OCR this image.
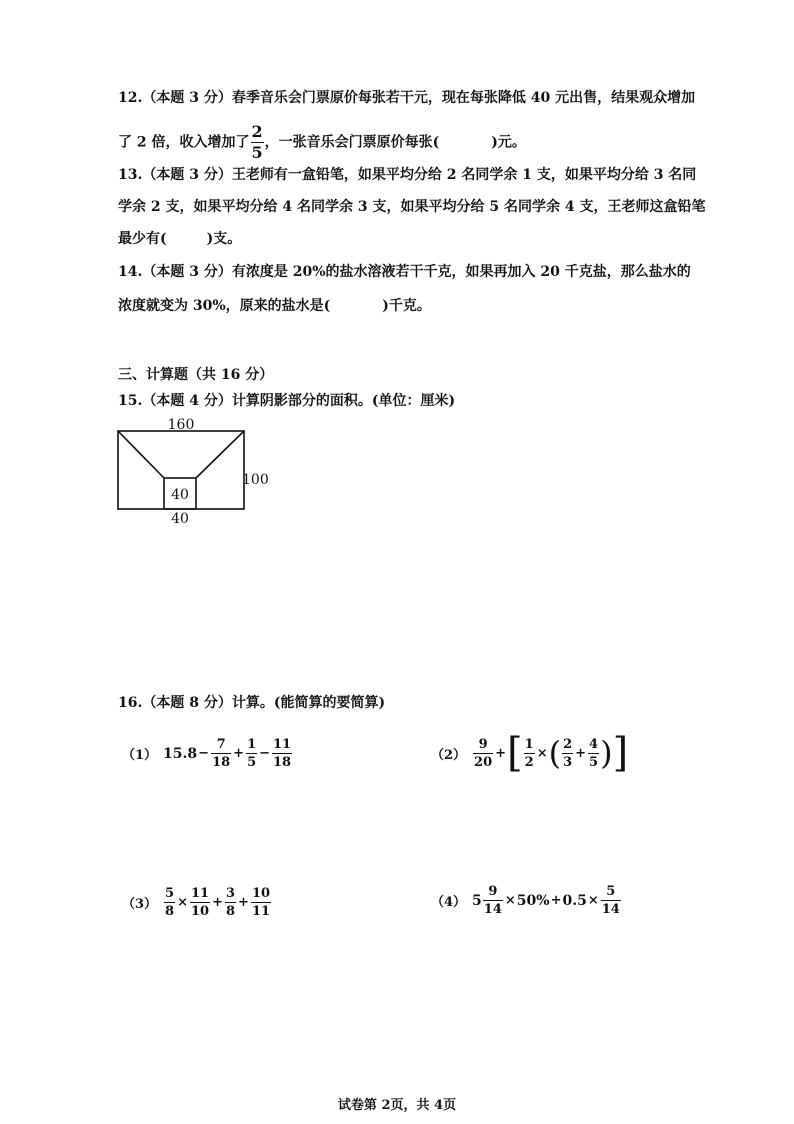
12.（本题 3 分）春季音乐会门票原价每张若干元，现在每张降低 40 元出售，结果观众增加
了 2 倍，收入增加了 $\frac{2}{5}$ ，一张音乐会门票原价每张(	)元。
13.（本题 3 分）王老师有一盒铅笔，如果平均分给 2 名同学余 1 支，如果平均分给 3 名同
学余 2 支，如果平均分给 4 名同学余 3 支，如果平均分给 5 名同学余 4 支，王老师这盒铅笔
最少有(	)支。
14.（本题 3 分）有浓度是 20%的盐水溶液若干千克，如果再加入 20 千克盐，那么盐水的
浓度就变为 30%，原来的盐水是(	)千克。
三、计算题（共 16 分）
15.（本题 4 分）计算阴影部分的面积。(单位：厘米)
160
100
40
40
16.（本题 8 分）计算。(能简算的要简算)
（1） $15.8- \frac{7}{18} + \frac{1}{5} - \frac{11}{18}$	$(2) \frac{9}{20}$ +[ $\frac{1}{2}$ ×( $\frac{2}{3} + \frac{4}{5}$ )]
$(3) \frac{5}{8} \times \frac{11}{10} + \frac{3}{8} + \frac{10}{11}$	（4） $5 \frac{9}{14} \times 50\%+0.5\times \frac{5}{14}$
试卷第 2页，共 4页
